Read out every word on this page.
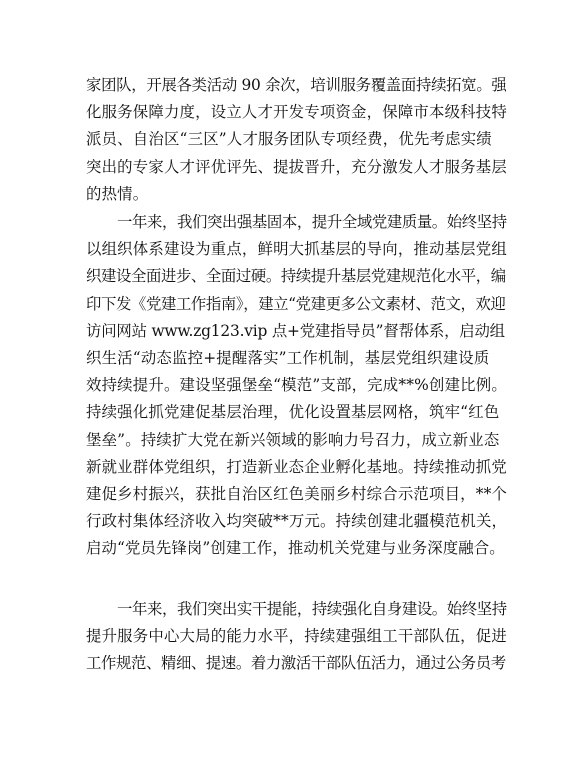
家团队，开展各类活动 90 余次，培训服务覆盖面持续拓宽。强
化服务保障力度，设立人才开发专项资金，保障市本级科技特
派员、自治区“三区”人才服务团队专项经费，优先考虑实绩
突出的专家人才评优评先、提拔晋升，充分激发人才服务基层
的热情。

一年来，我们突出强基固本，提升全域党建质量。始终坚持
以组织体系建设为重点，鲜明大抓基层的导向，推动基层党组
织建设全面进步、全面过硬。持续提升基层党建规范化水平，编
印下发《党建工作指南》，建立“党建更多公文素材、范文，欢迎
访问网站 www.zg123.vip 点+党建指导员”督帮体系，启动组
织生活“动态监控+提醒落实”工作机制，基层党组织建设质
效持续提升。建设坚强堡垒“模范”支部，完成**%创建比例。
持续强化抓党建促基层治理，优化设置基层网格，筑牢“红色
堡垒”。持续扩大党在新兴领域的影响力号召力，成立新业态
新就业群体党组织，打造新业态企业孵化基地。持续推动抓党
建促乡村振兴，获批自治区红色美丽乡村综合示范项目，**个
行政村集体经济收入均突破**万元。持续创建北疆模范机关，
启动“党员先锋岗”创建工作，推动机关党建与业务深度融合。

一年来，我们突出实干提能，持续强化自身建设。始终坚持
提升服务中心大局的能力水平，持续建强组工干部队伍，促进
工作规范、精细、提速。着力激活干部队伍活力，通过公务员考
